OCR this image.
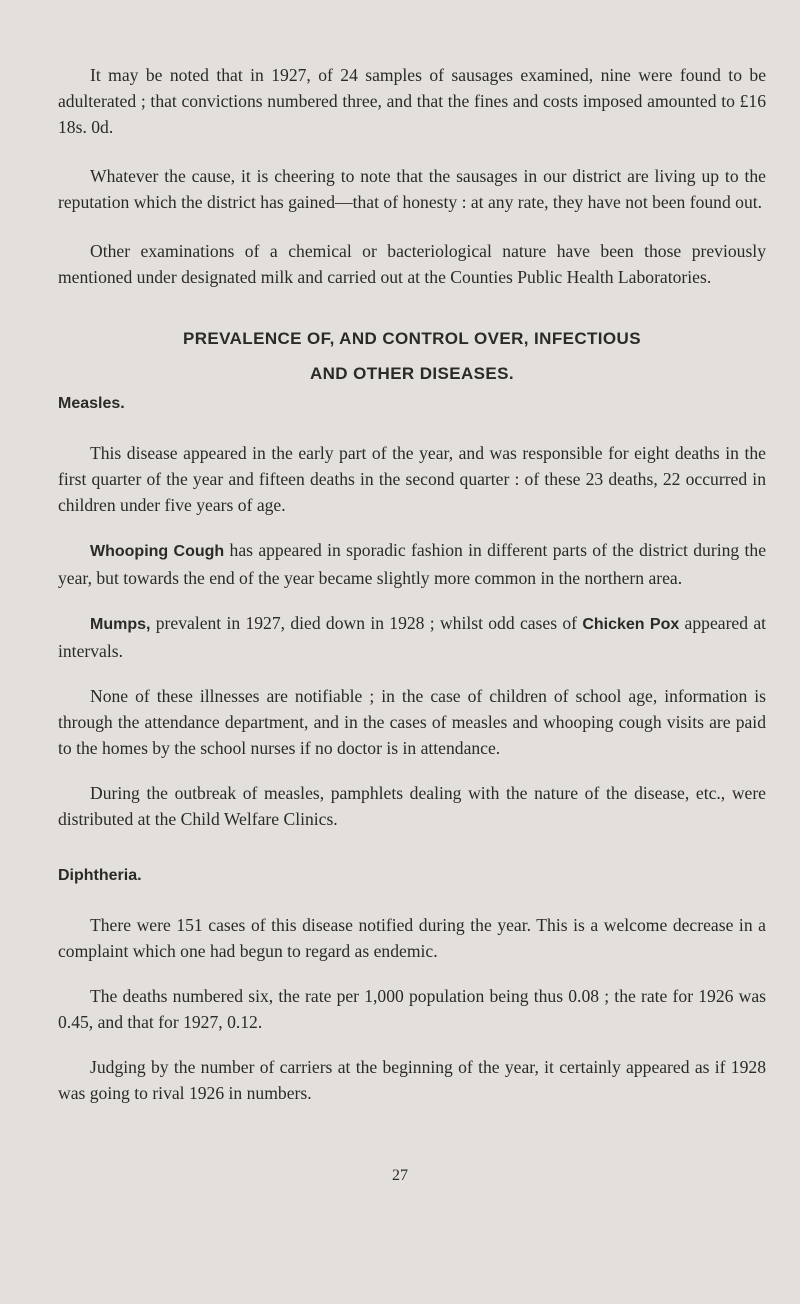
It may be noted that in 1927, of 24 samples of sausages examined, nine were found to be adulterated ; that convictions numbered three, and that the fines and costs imposed amounted to £16 18s. 0d.

Whatever the cause, it is cheering to note that the sausages in our district are living up to the reputation which the district has gained—that of honesty : at any rate, they have not been found out.

Other examinations of a chemical or bacteriological nature have been those previously mentioned under designated milk and carried out at the Counties Public Health Laboratories.

PREVALENCE OF, AND CONTROL OVER, INFECTIOUS
AND OTHER DISEASES.
Measles.

This disease appeared in the early part of the year, and was responsible for eight deaths in the first quarter of the year and fifteen deaths in the second quarter : of these 23 deaths, 22 occurred in children under five years of age.

Whooping Cough has appeared in sporadic fashion in different parts of the district during the year, but towards the end of the year became slightly more common in the northern area.

Mumps, prevalent in 1927, died down in 1928 ; whilst odd cases of Chicken Pox appeared at intervals.

None of these illnesses are notifiable ; in the case of children of school age, information is through the attendance department, and in the cases of measles and whooping cough visits are paid to the homes by the school nurses if no doctor is in attendance.

During the outbreak of measles, pamphlets dealing with the nature of the disease, etc., were distributed at the Child Welfare Clinics.

Diphtheria.

There were 151 cases of this disease notified during the year. This is a welcome decrease in a complaint which one had begun to regard as endemic.

The deaths numbered six, the rate per 1,000 population being thus 0.08 ; the rate for 1926 was 0.45, and that for 1927, 0.12.

Judging by the number of carriers at the beginning of the year, it certainly appeared as if 1928 was going to rival 1926 in numbers.

27
